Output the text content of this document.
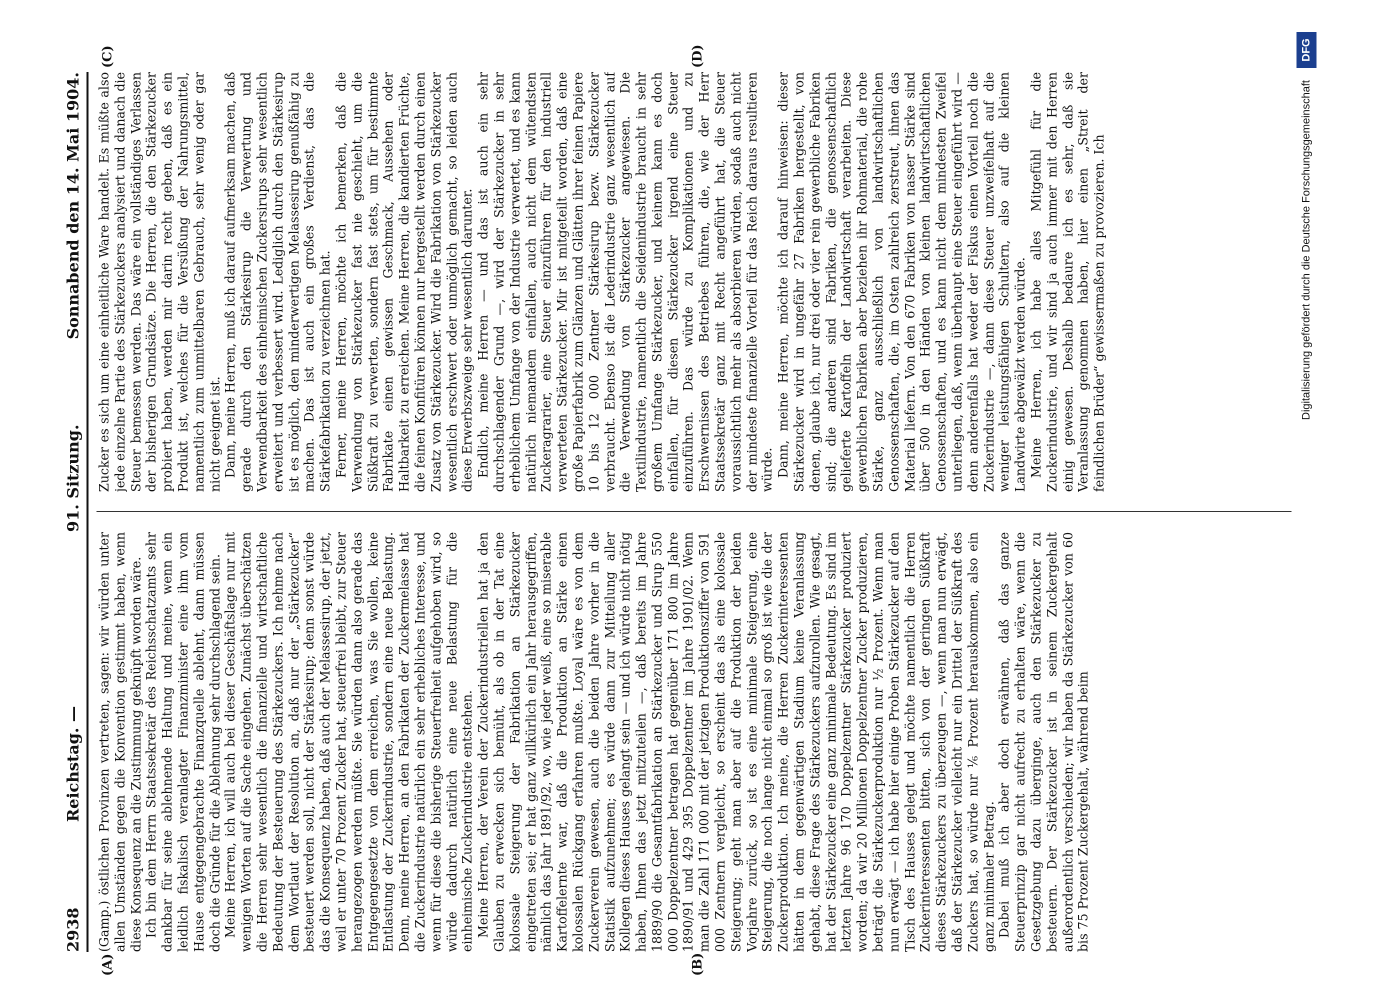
2938
Reichstag. —
91. Sitzung.
Sonnabend den 14. Mai 1904.
(A)	(B)
(C)	(D)

(Gamp.) östlichen Provinzen vertreten, sagen: wir würden unter allen Umständen gegen die Konvention gestimmt haben, wenn diese Konsequenz an die Zustimmung geknüpft worden wäre. Ich bin dem Herrn Staatssekretär des Reichsschatzamts sehr dankbar für seine ablehnende Haltung und meine, wenn ein leidlich fiskalisch veranlagter Finanzminister eine ihm vom Hause entgegengebrachte Finanzquelle ablehnt, dann müssen doch die Gründe für die Ablehnung sehr durchschlagend sein. Meine Herren, ich will auch bei dieser Geschäftslage nur mit wenigen Worten auf die Sache eingehen. Zunächst überschätzen die Herren sehr wesentlich die finanzielle und wirtschaftliche Bedeutung der Besteuerung des Stärkezuckers. Ich nehme nach dem Wortlaut der Resolution an, daß nur der „Stärkezucker“ besteuert werden soll, nicht der Stärkesirup; denn sonst würde das die Konsequenz haben, daß auch der Melassesirup, der jetzt, weil er unter 70 Prozent Zucker hat, steuerfrei bleibt, zur Steuer herangezogen werden müßte. Sie würden dann also gerade das Entgegengesetzte von dem erreichen, was Sie wollen, keine Entlastung der Zuckerindustrie, sondern eine neue Belastung. Denn, meine Herren, an den Fabrikaten der Zuckermelasse hat die Zuckerindustrie natürlich ein sehr erhebliches Interesse, und wenn für diese die bisherige Steuerfreiheit aufgehoben wird, so würde dadurch natürlich eine neue Belastung für die einheimische Zuckerindustrie entstehen. Meine Herren, der Verein der Zuckerindustriellen hat ja den Glauben zu erwecken sich bemüht, als ob in der Tat eine kolossale Steigerung der Fabrikation an Stärkezucker eingetreten sei; er hat ganz willkürlich ein Jahr herausgegriffen, nämlich das Jahr 1891/92, wo, wie jeder weiß, eine so miserable Kartoffelernte war, daß die Produktion an Stärke einen kolossalen Rückgang erfahren mußte. Loyal wäre es von dem Zuckerverein gewesen, auch die beiden Jahre vorher in die Statistik aufzunehmen; es würde dann zur Mitteilung aller Kollegen dieses Hauses gelangt sein — und ich würde nicht nötig haben, Ihnen das jetzt mitzuteilen —, daß bereits im Jahre 1889/90 die Gesamtfabrikation an Stärkezucker und Sirup 550 000 Doppelzentner betragen hat gegenüber 171 800 im Jahre 1890/91 und 429 395 Doppelzentner im Jahre 1901/02. Wenn man die Zahl 171 000 mit der jetzigen Produktionsziffer von 591 000 Zentnern vergleicht, so erscheint das als eine kolossale Steigerung; geht man aber auf die Produktion der beiden Vorjahre zurück, so ist es eine minimale Steigerung, eine Steigerung, die noch lange nicht einmal so groß ist wie die der Zuckerproduktion. Ich meine, die Herren Zuckerinteressenten hätten in dem gegenwärtigen Stadium keine Veranlassung gehabt, diese Frage des Stärkezuckers aufzurollen. Wie gesagt, hat der Stärkezucker eine ganz minimale Bedeutung. Es sind im letzten Jahre 96 170 Doppelzentner Stärkezucker produziert worden; da wir 20 Millionen Doppelzentner Zucker produzieren, beträgt die Stärkezuckerproduktion nur ½ Prozent. Wenn man nun erwägt — ich habe hier einige Proben Stärkezucker auf den Tisch des Hauses gelegt und möchte namentlich die Herren Zuckerinteressenten bitten, sich von der geringen Süßkraft dieses Stärkezuckers zu überzeugen —, wenn man nun erwägt, daß der Stärkezucker vielleicht nur ein Drittel der Süßkraft des Zuckers hat, so würde nur ⅙ Prozent herauskommen, also ein ganz minimaler Betrag. Dabei muß ich aber doch erwähnen, daß das ganze Steuerprinzip gar nicht aufrecht zu erhalten wäre, wenn die Gesetzgebung dazu überginge, auch den Stärkezucker zu besteuern. Der Stärkezucker ist in seinem Zuckergehalt außerordentlich verschieden; wir haben da Stärkezucker von 60 bis 75 Prozent Zuckergehalt, während beim

Zucker es sich um eine einheitliche Ware handelt. Es müßte also jede einzelne Partie des Stärkezuckers analysiert und danach die Steuer bemessen werden. Das wäre ein vollständiges Verlassen der bisherigen Grundsätze. Die Herren, die den Stärkezucker probiert haben, werden mir darin recht geben, daß es ein Produkt ist, welches für die Versüßung der Nahrungsmittel, namentlich zum unmittelbaren Gebrauch, sehr wenig oder gar nicht geeignet ist. Dann, meine Herren, muß ich darauf aufmerksam machen, daß gerade durch den Stärkesirup die Verwertung und Verwendbarkeit des einheimischen Zuckersirups sehr wesentlich erweitert und verbessert wird. Lediglich durch den Stärkesirup ist es möglich, den minderwertigen Melassesirup genußfähig zu machen. Das ist auch ein großes Verdienst, das die Stärkefabrikation zu verzeichnen hat. Ferner, meine Herren, möchte ich bemerken, daß die Verwendung von Stärkezucker fast nie geschieht, um die Süßkraft zu verwerten, sondern fast stets, um für bestimmte Fabrikate einen gewissen Geschmack, Aussehen oder Haltbarkeit zu erreichen. Meine Herren, die kandierten Früchte, die feinen Konfitüren können nur hergestellt werden durch einen Zusatz von Stärkezucker. Wird die Fabrikation von Stärkezucker wesentlich erschwert oder unmöglich gemacht, so leiden auch diese Erwerbszweige sehr wesentlich darunter. Endlich, meine Herren — und das ist auch ein sehr durchschlagender Grund —, wird der Stärkezucker in sehr erheblichem Umfange von der Industrie verwertet, und es kann natürlich niemandem einfallen, auch nicht dem wütendsten Zuckeragrarier, eine Steuer einzuführen für den industriell verwerteten Stärkezucker. Mir ist mitgeteilt worden, daß eine große Papierfabrik zum Glänzen und Glätten ihrer feinen Papiere 10 bis 12 000 Zentner Stärkesirup bezw. Stärkezucker verbraucht. Ebenso ist die Lederindustrie ganz wesentlich auf die Verwendung von Stärkezucker angewiesen. Die Textilindustrie, namentlich die Seidenindustrie braucht in sehr großem Umfange Stärkezucker, und keinem kann es doch einfallen, für diesen Stärkezucker irgend eine Steuer einzuführen. Das würde zu Komplikationen und zu Erschwernissen des Betriebes führen, die, wie der Herr Staatssekretär ganz mit Recht angeführt hat, die Steuer voraussichtlich mehr als absorbieren würden, sodaß auch nicht der mindeste finanzielle Vorteil für das Reich daraus resultieren würde. Dann, meine Herren, möchte ich darauf hinweisen: dieser Stärkezucker wird in ungefähr 27 Fabriken hergestellt, von denen, glaube ich, nur drei oder vier rein gewerbliche Fabriken sind; die anderen sind Fabriken, die genossenschaftlich gelieferte Kartoffeln der Landwirtschaft verarbeiten. Diese gewerblichen Fabriken aber beziehen ihr Rohmaterial, die rohe Stärke, ganz ausschließlich von landwirtschaftlichen Genossenschaften, die, im Osten zahlreich zerstreut, ihnen das Material liefern. Von den 670 Fabriken von nasser Stärke sind über 500 in den Händen von kleinen landwirtschaftlichen Genossenschaften, und es kann nicht dem mindesten Zweifel unterliegen, daß, wenn überhaupt eine Steuer eingeführt wird — denn anderenfalls hat weder der Fiskus einen Vorteil noch die Zuckerindustrie —, dann diese Steuer unzweifelhaft auf die weniger leistungsfähigen Schultern, also auf die kleinen Landwirte abgewälzt werden würde. Meine Herren, ich habe alles Mitgefühl für die Zuckerindustrie, und wir sind ja auch immer mit den Herren einig gewesen. Deshalb bedaure ich es sehr, daß sie Veranlassung genommen haben, hier einen „Streit der feindlichen Brüder“ gewissermaßen zu provozieren. Ich	Digitalisierung gefördert durch die Deutsche Forschungsgemeinschaft
DFG
